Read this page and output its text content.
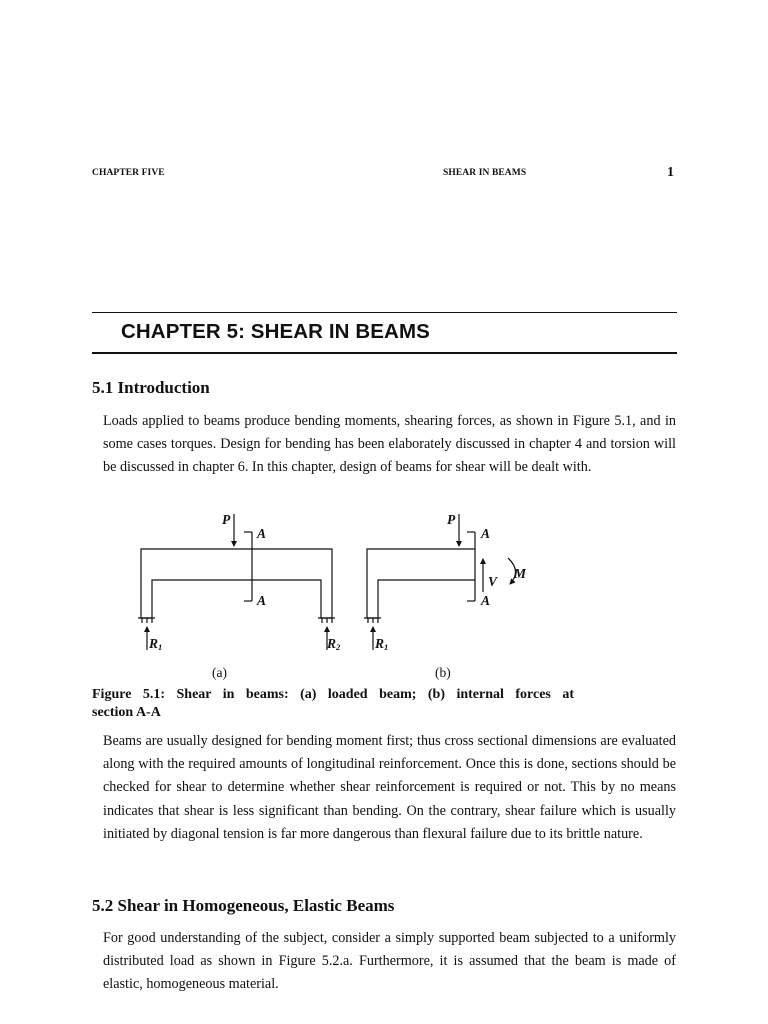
CHAPTER FIVE	SHEAR IN BEAMS	1
CHAPTER 5: SHEAR IN BEAMS
5.1 Introduction
Loads applied to beams produce bending moments, shearing forces, as shown in Figure 5.1, and in some cases torques. Design for bending has been elaborately discussed in chapter 4 and torsion will be discussed in chapter 6. In this chapter, design of beams for shear will be dealt with.
P
A
A
R1	R2
P
A
A
V
M
R1
(a)	(b)
Figure 5.1: Shear in beams: (a) loaded beam; (b) internal forces at
section A-A
Beams are usually designed for bending moment first; thus cross sectional dimensions are evaluated along with the required amounts of longitudinal reinforcement. Once this is done, sections should be checked for shear to determine whether shear reinforcement is required or not. This by no means indicates that shear is less significant than bending. On the contrary, shear failure which is usually initiated by diagonal tension is far more dangerous than flexural failure due to its brittle nature.
5.2 Shear in Homogeneous, Elastic Beams
For good understanding of the subject, consider a simply supported beam subjected to a uniformly distributed load as shown in Figure 5.2.a. Furthermore, it is assumed that the beam is made of elastic, homogeneous material.
